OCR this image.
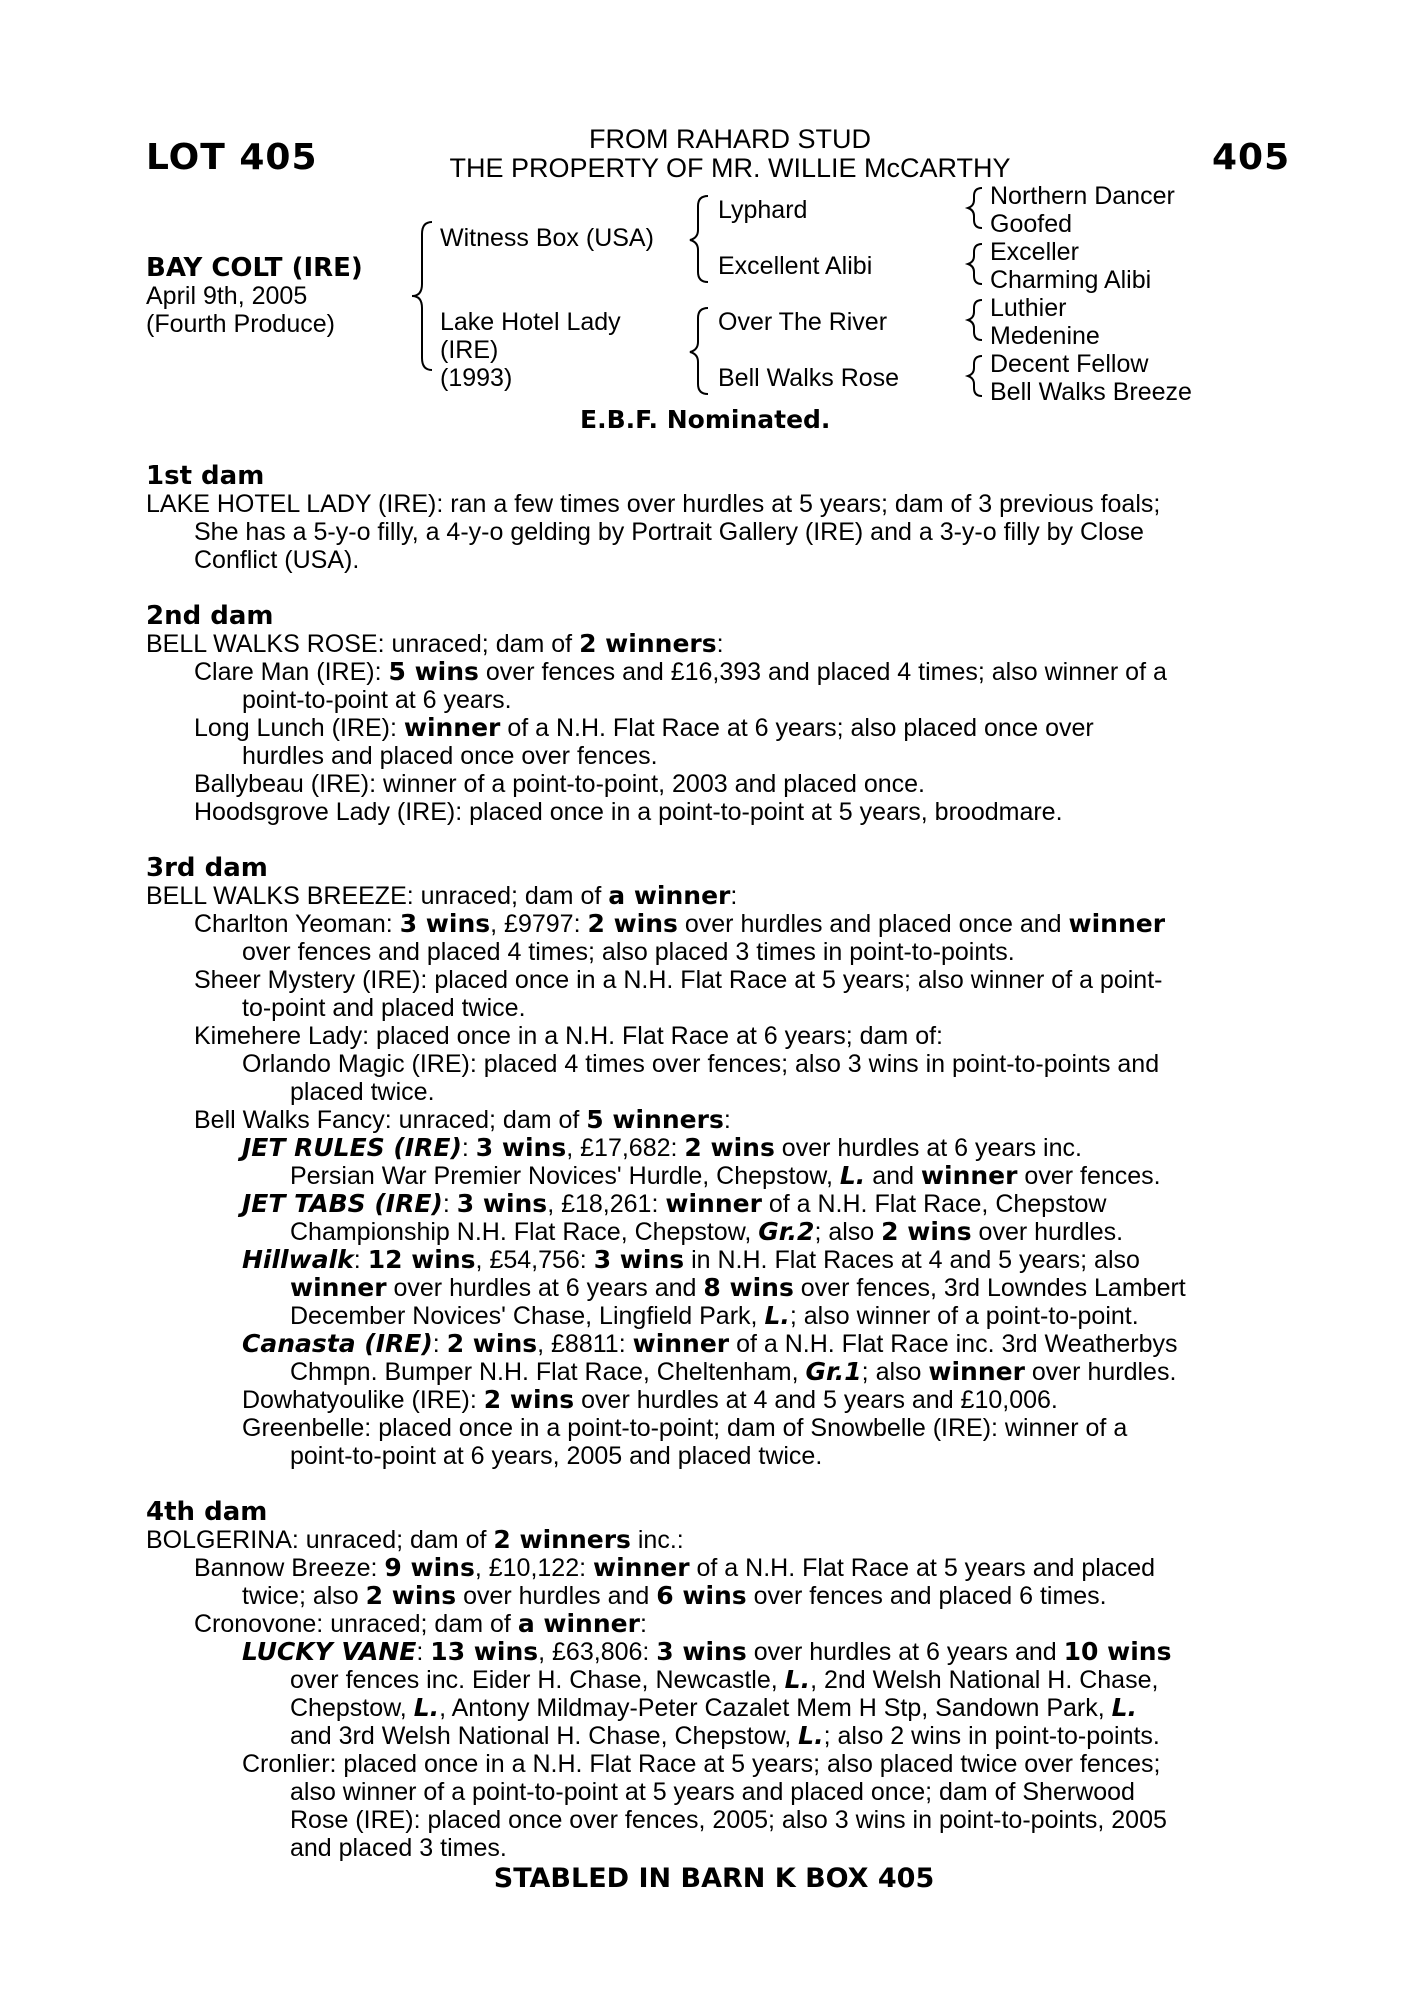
LOT 405	FROM RAHARD STUD
THE PROPERTY OF MR. WILLIE McCARTHY	405
BAY COLT (IRE)
April 9th, 2005
(Fourth Produce)
Witness Box (USA)
Lake Hotel Lady
(IRE)
(1993)
Lyphard
Excellent Alibi
Over The River
Bell Walks Rose
Northern Dancer
Goofed
Exceller
Charming Alibi
Luthier
Medenine
Decent Fellow
Bell Walks Breeze
E.B.F. Nominated.
1st dam
LAKE HOTEL LADY (IRE): ran a few times over hurdles at 5 years; dam of 3 previous foals;
She has a 5-y-o filly, a 4-y-o gelding by Portrait Gallery (IRE) and a 3-y-o filly by Close
Conflict (USA).
2nd dam
BELL WALKS ROSE: unraced; dam of 2 winners:
Clare Man (IRE): 5 wins over fences and £16,393 and placed 4 times; also winner of a
point-to-point at 6 years.
Long Lunch (IRE): winner of a N.H. Flat Race at 6 years; also placed once over
hurdles and placed once over fences.
Ballybeau (IRE): winner of a point-to-point, 2003 and placed once.
Hoodsgrove Lady (IRE): placed once in a point-to-point at 5 years, broodmare.
3rd dam
BELL WALKS BREEZE: unraced; dam of a winner:
Charlton Yeoman: 3 wins, £9797: 2 wins over hurdles and placed once and winner
over fences and placed 4 times; also placed 3 times in point-to-points.
Sheer Mystery (IRE): placed once in a N.H. Flat Race at 5 years; also winner of a point-
to-point and placed twice.
Kimehere Lady: placed once in a N.H. Flat Race at 6 years; dam of:
Orlando Magic (IRE): placed 4 times over fences; also 3 wins in point-to-points and
placed twice.
Bell Walks Fancy: unraced; dam of 5 winners:
JET RULES (IRE): 3 wins, £17,682: 2 wins over hurdles at 6 years inc.
Persian War Premier Novices' Hurdle, Chepstow, L. and winner over fences.
JET TABS (IRE): 3 wins, £18,261: winner of a N.H. Flat Race, Chepstow
Championship N.H. Flat Race, Chepstow, Gr.2; also 2 wins over hurdles.
Hillwalk: 12 wins, £54,756: 3 wins in N.H. Flat Races at 4 and 5 years; also
winner over hurdles at 6 years and 8 wins over fences, 3rd Lowndes Lambert
December Novices' Chase, Lingfield Park, L.; also winner of a point-to-point.
Canasta (IRE): 2 wins, £8811: winner of a N.H. Flat Race inc. 3rd Weatherbys
Chmpn. Bumper N.H. Flat Race, Cheltenham, Gr.1; also winner over hurdles.
Dowhatyoulike (IRE): 2 wins over hurdles at 4 and 5 years and £10,006.
Greenbelle: placed once in a point-to-point; dam of Snowbelle (IRE): winner of a
point-to-point at 6 years, 2005 and placed twice.
4th dam
BOLGERINA: unraced; dam of 2 winners inc.:
Bannow Breeze: 9 wins, £10,122: winner of a N.H. Flat Race at 5 years and placed
twice; also 2 wins over hurdles and 6 wins over fences and placed 6 times.
Cronovone: unraced; dam of a winner:
LUCKY VANE: 13 wins, £63,806: 3 wins over hurdles at 6 years and 10 wins
over fences inc. Eider H. Chase, Newcastle, L., 2nd Welsh National H. Chase,
Chepstow, L., Antony Mildmay-Peter Cazalet Mem H Stp, Sandown Park, L.
and 3rd Welsh National H. Chase, Chepstow, L.; also 2 wins in point-to-points.
Cronlier: placed once in a N.H. Flat Race at 5 years; also placed twice over fences;
also winner of a point-to-point at 5 years and placed once; dam of Sherwood
Rose (IRE): placed once over fences, 2005; also 3 wins in point-to-points, 2005
and placed 3 times.
STABLED IN BARN K BOX 405
